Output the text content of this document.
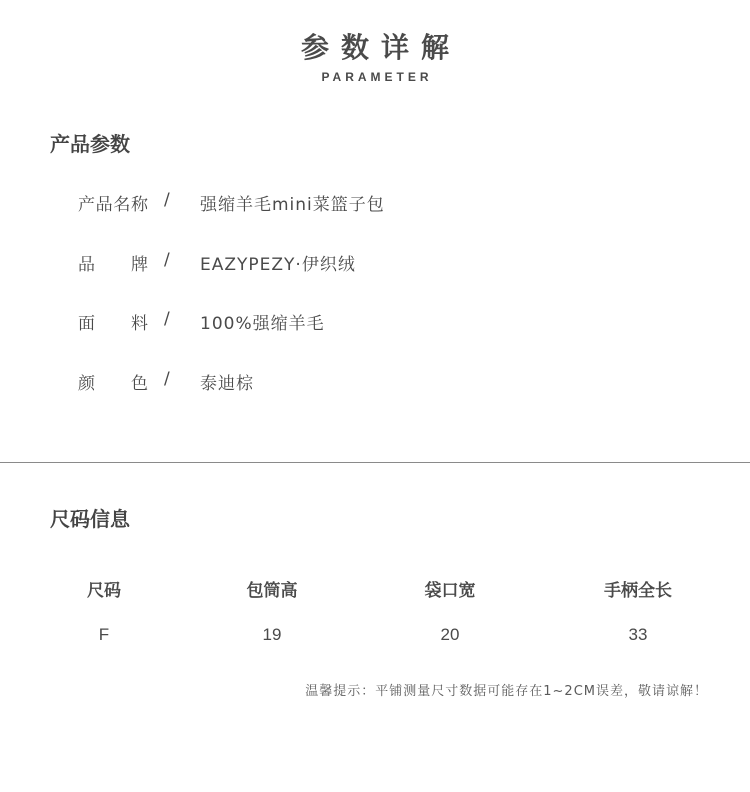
参数详解
PARAMETER
产品参数
产品名称 / 强缩羊毛mini菜篮子包
品牌 / EAZYPEZY·伊织绒
面料 / 100%强缩羊毛
颜色 / 泰迪棕
尺码信息
尺码	包筒高	袋口宽	手柄全长
F	19	20	33
温馨提示：平铺测量尺寸数据可能存在1~2CM误差，敬请谅解！
